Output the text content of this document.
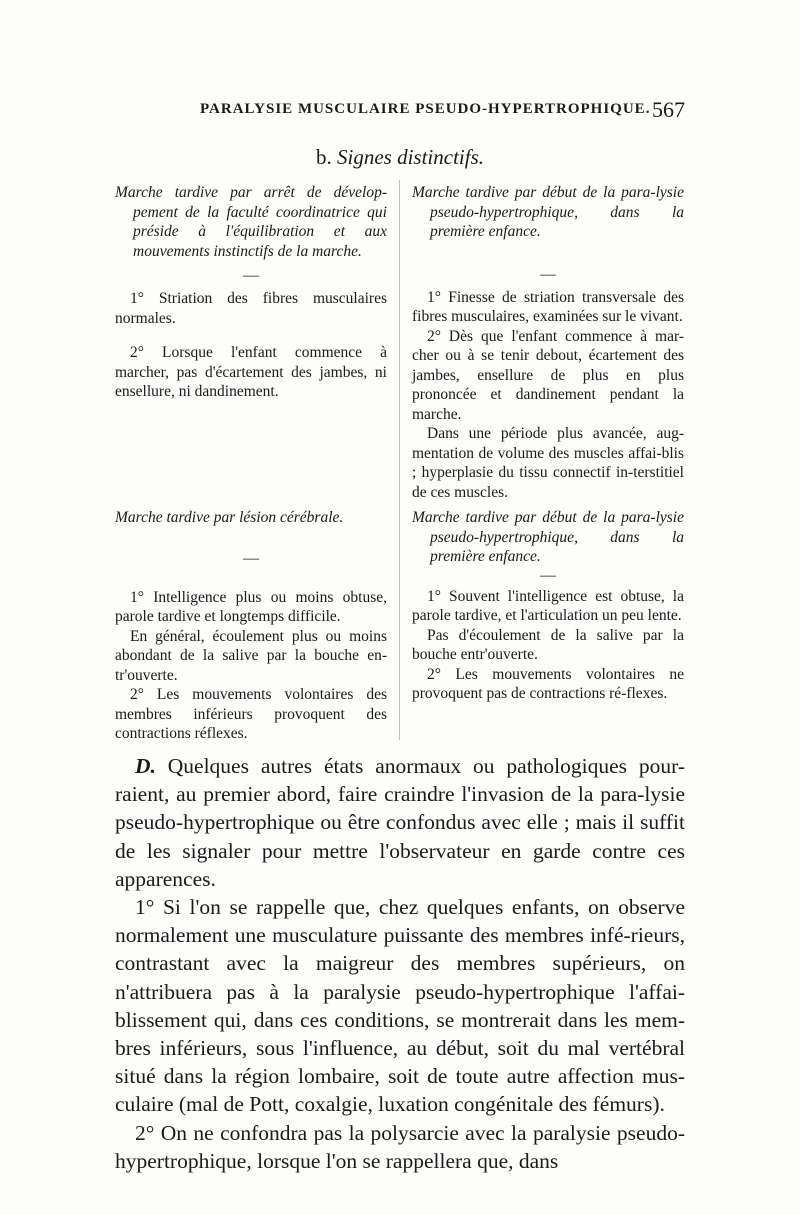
PARALYSIE MUSCULAIRE PSEUDO-HYPERTROPHIQUE. 567
b. Signes distinctifs.
Marche tardive par arrêt de dévelop-pement de la faculté coordinatrice qui préside à l'équilibration et aux mouvements instinctifs de la marche.
—
1° Striation des fibres musculaires normales.
2° Lorsque l'enfant commence à marcher, pas d'écartement des jambes, ni ensellure, ni dandinement.
Marche tardive par début de la para-lysie pseudo-hypertrophique, dans la première enfance.
—
1° Finesse de striation transversale des fibres musculaires, examinées sur le vivant.
2° Dès que l'enfant commence à mar-cher ou à se tenir debout, écartement des jambes, ensellure de plus en plus prononcée et dandinement pendant la marche.
Dans une période plus avancée, aug-mentation de volume des muscles affai-blis ; hyperplasie du tissu connectif in-terstitiel de ces muscles.
Marche tardive par lésion cérébrale.
—
1° Intelligence plus ou moins obtuse, parole tardive et longtemps difficile.
En général, écoulement plus ou moins abondant de la salive par la bouche en-tr'ouverte.
2° Les mouvements volontaires des membres inférieurs provoquent des contractions réflexes.
Marche tardive par début de la para-lysie pseudo-hypertrophique, dans la première enfance.
—
1° Souvent l'intelligence est obtuse, la parole tardive, et l'articulation un peu lente.
Pas d'écoulement de la salive par la bouche entr'ouverte.
2° Les mouvements volontaires ne provoquent pas de contractions ré-flexes.

D. Quelques autres états anormaux ou pathologiques pour-raient, au premier abord, faire craindre l'invasion de la para-lysie pseudo-hypertrophique ou être confondus avec elle ; mais il suffit de les signaler pour mettre l'observateur en garde contre ces apparences.

1° Si l'on se rappelle que, chez quelques enfants, on observe normalement une musculature puissante des membres infé-rieurs, contrastant avec la maigreur des membres supérieurs, on n'attribuera pas à la paralysie pseudo-hypertrophique l'affai-blissement qui, dans ces conditions, se montrerait dans les mem-bres inférieurs, sous l'influence, au début, soit du mal vertébral situé dans la région lombaire, soit de toute autre affection mus-culaire (mal de Pott, coxalgie, luxation congénitale des fémurs).

2° On ne confondra pas la polysarcie avec la paralysie pseudo-hypertrophique, lorsque l'on se rappellera que, dans
